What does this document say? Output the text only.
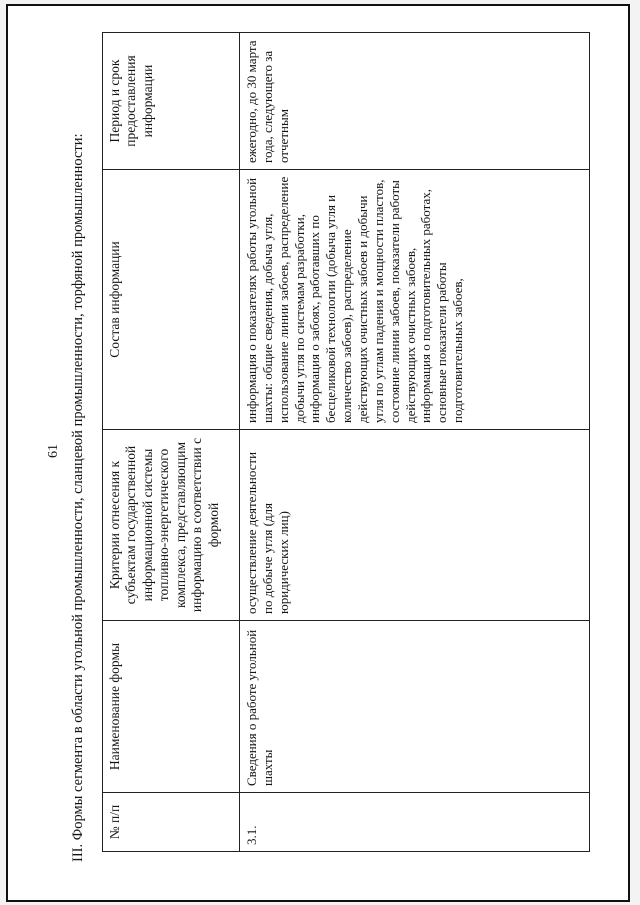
61 III. Формы сегмента в области угольной промышленности, сланцевой промышленности, торфяной промышленности: № п/п	Наименование формы	Критерии отнесения к субъектам государственной информационной системы топливно-энергетического комплекса, представляющим информацию в соответствии с формой	Состав информации	Период и срок предоставления информации
3.1.	Сведения о работе угольной шахты	осуществление деятельности по добыче угля (для юридических лиц)	информация о показателях работы угольной шахты: общие сведения, добыча угля, использование линии забоев, распределение добычи угля по системам разработки, информация о забоях, работавших по бесцеликовой технологии (добыча угля и количество забоев), распределение действующих очистных забоев и добычи угля по углам падения и мощности пластов, состояние линии забоев, показатели работы действующих очистных забоев, информация о подготовительных работах, основные показатели работы подготовительных забоев,	ежегодно, до 30 марта года, следующего за отчетным
